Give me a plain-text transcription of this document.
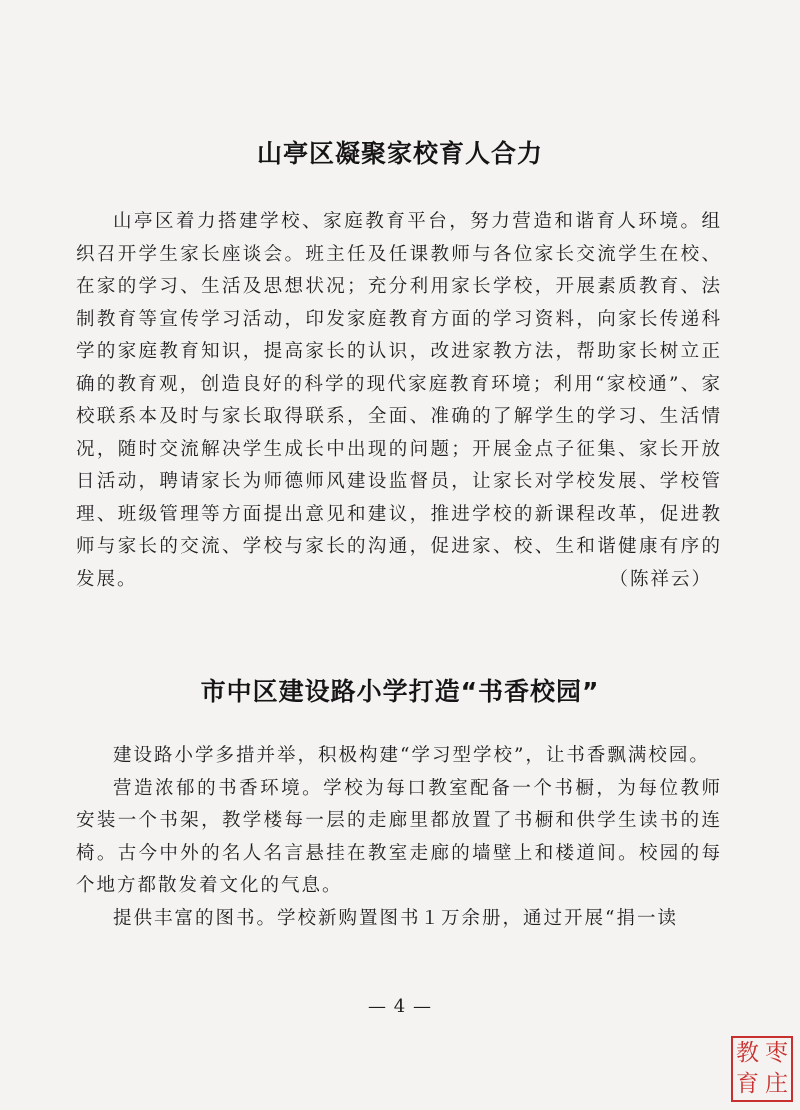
山亭区凝聚家校育人合力

山亭区着力搭建学校、家庭教育平台，努力营造和谐育人环境。组织召开学生家长座谈会。班主任及任课教师与各位家长交流学生在校、在家的学习、生活及思想状况；充分利用家长学校，开展素质教育、法制教育等宣传学习活动，印发家庭教育方面的学习资料，向家长传递科学的家庭教育知识，提高家长的认识，改进家教方法，帮助家长树立正确的教育观，创造良好的科学的现代家庭教育环境；利用“家校通”、家校联系本及时与家长取得联系，全面、准确的了解学生的学习、生活情况，随时交流解决学生成长中出现的问题；开展金点子征集、家长开放日活动，聘请家长为师德师风建设监督员，让家长对学校发展、学校管理、班级管理等方面提出意见和建议，推进学校的新课程改革，促进教师与家长的交流、学校与家长的沟通，促进家、校、生和谐健康有序的发展。	（陈祥云）
市中区建设路小学打造“书香校园”

建设路小学多措并举，积极构建“学习型学校”，让书香飘满校园。

营造浓郁的书香环境。学校为每口教室配备一个书橱，为每位教师安装一个书架，教学楼每一层的走廊里都放置了书橱和供学生读书的连椅。古今中外的名人名言悬挂在教室走廊的墙壁上和楼道间。校园的每个地方都散发着文化的气息。

提供丰富的图书。学校新购置图书１万余册，通过开展“捐一读

— 4 —
教 枣
育 庄
